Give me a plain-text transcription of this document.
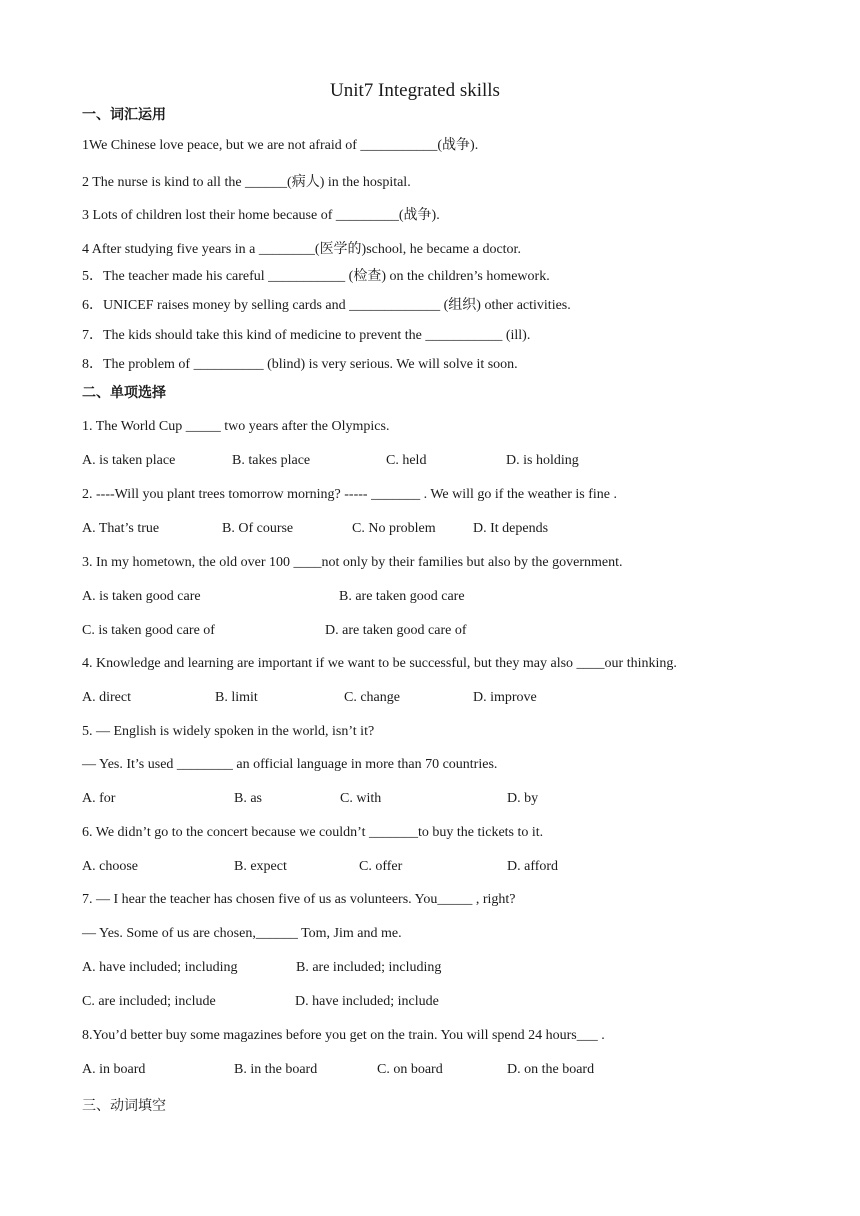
Unit7 Integrated skills
一、词汇运用
1We Chinese love peace, but we are not afraid of ___________(战争).
2 The nurse is kind to all the ______(病人) in the hospital.
3 Lots of children lost their home because of _________(战争).
4 After studying five years in a ________(医学的)school, he became a doctor.
5．The teacher made his careful ___________ (检查) on the children’s homework.
6．UNICEF raises money by selling cards and _____________ (组织) other activities.
7．The kids should take this kind of medicine to prevent the ___________ (ill).
8．The problem of __________ (blind) is very serious. We will solve it soon.
二、单项选择
1. The World Cup _____ two years after the Olympics.
A. is taken place	B. takes place	C. held	D. is holding
2. ----Will you plant trees tomorrow morning? ----- _______ . We will go if the weather is fine .
A. That’s true	B. Of course	C. No problem	D. It depends
3. In my hometown, the old over 100 ____not only by their families but also by the government.
A. is taken good care	B. are taken good care
C. is taken good care of	D. are taken good care of
4. Knowledge and learning are important if we want to be successful, but they may also ____our thinking.
A. direct	B. limit	C. change	D. improve
5. — English is widely spoken in the world, isn’t it?
— Yes. It’s used ________ an official language in more than 70 countries.
A. for	B. as	C. with	D. by
6. We didn’t go to the concert because we couldn’t _______to buy the tickets to it.
A. choose	B. expect	C. offer	D. afford
7. — I hear the teacher has chosen five of us as volunteers. You_____ , right?
— Yes. Some of us are chosen,______ Tom, Jim and me.
A. have included; including	B. are included; including
C. are included; include	D. have included; include
8.You’d better buy some magazines before you get on the train. You will spend 24 hours___ .
A. in board	B. in the board	C. on board	D. on the board
三、动词填空
